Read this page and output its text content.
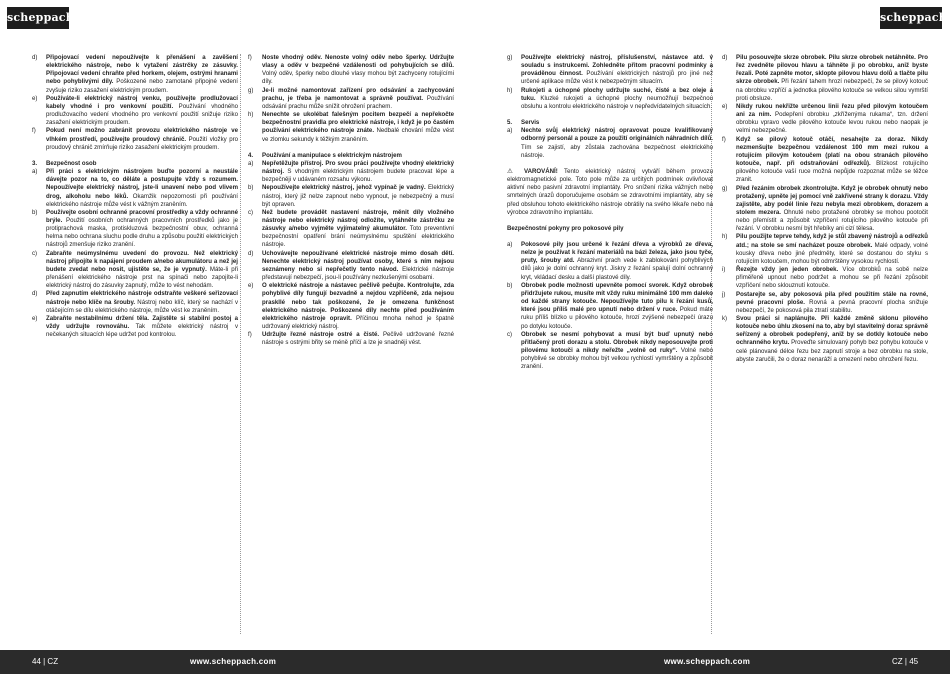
scheppach	scheppach
d)	Připojovací vedení nepoužívejte k přenášení a zavěšení elektrického nástroje, nebo k vytažení zástrčky ze zásuvky. Připojovací vedení chraňte před horkem, olejem, ostrými hranami nebo pohyblivými díly. Poškozené nebo zamotané připojné vedení zvyšuje riziko zasažení elektrickým proudem.
e)	Používáte-li elektrický nástroj venku, používejte prodlužovací kabely vhodné i pro venkovní použití. Používání vhodného prodlužovacího vedení vhodného pro venkovní použití snižuje riziko zasažení elektrickým proudem.
f)	Pokud není možno zabránit provozu elektrického nástroje ve vlhkém prostředí, používejte proudový chránič. Použití vložky pro proudový chránič zmírňuje riziko zasažení elektrickým proudem.
3.	Bezpečnost osob
a)	Při práci s elektrickým nástrojem buďte pozorní a neustále dávejte pozor na to, co děláte a postupujte vždy s rozumem. Nepoužívejte elektrický nástroj, jste-li unavení nebo pod vlivem drog, alkoholu nebo léků. Okamžik nepozornosti při používání elektrického nástroje může vést k vážným zraněním.
b)	Používejte osobní ochranné pracovní prostředky a vždy ochranné brýle. Použití osobních ochranných pracovních prostředků jako je protiprachová maska, protiskluzová bezpečnostní obuv, ochranná helma nebo ochrana sluchu podle druhu a způsobu použití elektrických nástrojů zmenšuje riziko zranění.
c)	Zabraňte neúmyslnému uvedení do provozu. Než elektrický nástroj připojíte k napájení proudem a/nebo akumulátoru a než jej budete zvedat nebo nosit, ujistěte se, že je vypnutý. Máte-li při přenášení elektrického nástroje prst na spínači nebo zapojíte-li elektrický nástroj do zásuvky zapnutý, může to vést nehodám.
d)	Před zapnutím elektrického nástroje odstraňte veškeré seřizovací nástroje nebo klíče na šrouby. Nástroj nebo klíč, který se nachází v otáčejícím se dílu elektrického nástroje, může vést ke zraněním.
e)	Zabraňte nestabilnímu držení těla. Zajistěte si stabilní postoj a vždy udržujte rovnováhu. Tak můžete elektrický nástroj v nečekaných situacích lépe udržet pod kontrolou.
f)	Noste vhodný oděv. Nenoste volný oděv nebo šperky. Udržujte vlasy a oděv v bezpečné vzdálenosti od pohybujících se dílů. Volný oděv, šperky nebo dlouhé vlasy mohou být zachyceny rotujícími díly.
g)	Je-li možné namontovat zařízení pro odsávání a zachycování prachu, je třeba je namontovat a správně používat. Používání odsávání prachu může snížit ohrožení prachem.
h)	Nenechte se ukolébat falešným pocitem bezpečí a nepřekočte bezpečnostní pravidla pro elektrické nástroje, i když je po častém používání elektrického nástroje znáte. Nedbalé chování může vést ve zlomku sekundy k těžkým zraněním.
4.	Používání a manipulace s elektrickým nástrojem
a)	Nepřetěžujte přístroj. Pro svou práci používejte vhodný elektrický nástroj. S vhodným elektrickým nástrojem budete pracovat lépe a bezpečněji v udávaném rozsahu výkonu.
b)	Nepoužívejte elektrický nástroj, jehož vypínač je vadný. Elektrický nástroj, který již nelze zapnout nebo vypnout, je nebezpečný a musí být opraven.
c)	Než budete provádět nastavení nástroje, měnit díly vložného nástroje nebo elektrický nástroj odložíte, vytáhněte zástrčku ze zásuvky a/nebo vyjměte vyjímatelný akumulátor. Toto preventivní bezpečnostní opatření brání neúmyslnému spuštění elektrického nástroje.
d)	Uchovávejte nepoužívané elektrické nástroje mimo dosah dětí. Nenechte elektrický nástroj používat osoby, které s ním nejsou seznámeny nebo si nepřečetly tento návod. Elektrické nástroje představují nebezpečí, jsou-li používány nezkušenými osobami.
e)	O elektrické nástroje a nástavec pečlivě pečujte. Kontrolujte, zda pohyblivé díly fungují bezvadně a nejdou vzpříčeně, zda nejsou praskllé nebo tak poškozené, že je omezena funkčnost elektrického nástroje. Poškozené díly nechte před používáním elektrického nástroje opravit. Příčinou mnoha nehod je špatně udržovaný elektrický nástroj.
f)	Udržujte řezné nástroje ostré a čisté. Pečlivě udržované řezné nástroje s ostrými břity se méně příčí a lze je snadněji vést.
g)	Používejte elektrický nástroj, příslušenství, nástavce atd. v souladu s instrukcemi. Zohledněte přitom pracovní podmínky a prováděnou činnost. Používání elektrických nástrojů pro jiné než určené aplikace může vést k nebezpečným situacím.
h)	Rukojeti a úchopné plochy udržujte suché, čisté a bez oleje a tuku. Kluzké rukojeti a úchopné plochy neumožňují bezpečnou obsluhu a kontrolu elektrického nástroje v nepředvídatelných situacích.
5.	Servis
a)	Nechte svůj elektrický nástroj opravovat pouze kvalifikovaný odborný personál a pouze za použití originálních náhradních dílů. Tím se zajistí, aby zůstala zachována bezpečnost elektrického nástroje.
⚠ VAROVÁNÍ! Tento elektrický nástroj vytváří během provozu elektromagnetické pole. Toto pole může za určitých podmínek ovlivňovat aktivní nebo pasivní zdravotní implantáty. Pro snížení rizika vážných nebo smrtelných úrazů doporučujeme osobám se zdravotními implantáty, aby se před obsluhou tohoto elektrického nástroje obrátily na svého lékaře nebo na výrobce zdravotního implantátu.
Bezpečnostní pokyny pro pokosové pily
a)	Pokosové pily jsou určené k řezání dřeva a výrobků ze dřeva, nelze je používat k řezání materiálů na bázi železa, jako jsou tyče, pruty, šrouby atd. Abrazivní prach vede k zablokování pohyblivých dílů jako je dolní ochranný kryt. Jiskry z řezání spalují dolní ochranný kryt, vkládací desku a další plastové díly.
b)	Obrobek podle možnosti upevněte pomocí svorek. Když obrobek přidržujete rukou, musíte mít vždy ruku minimálně 100 mm daleko od každé strany kotouče. Nepoužívejte tuto pilu k řezání kusů, které jsou příliš malé pro upnutí nebo držení v ruce. Pokud máte ruku příliš blízko u pilového kotouče, hrozí zvýšené nebezpečí úrazu po dotyku kotouče.
c)	Obrobek se nesmí pohybovat a musí být buď upnutý nebo přitlačený proti dorazu a stolu. Obrobek nikdy neposouvejte proti pilovému kotouči a nikdy neřežte „volně od ruky“. Volné nebo pohyblivé se obrobky mohou být velkou rychlostí vymrštěny a způsobit zranění.
d)	Pilu posouvejte skrze obrobek. Pilu skrze obrobek netáhněte. Pro řez zvedněte pilovou hlavu a táhněte ji po obrobku, aniž byste řezali. Poté zapněte motor, sklopte pilovou hlavu dolů a tlačte pilu skrze obrobek. Při řezání tahem hrozí nebezpečí, že se pilový kotouč na obrobku vzpříčí a jednotka pilového kotouče se velkou silou vymrští proti obsluze.
e)	Nikdy rukou nekřižte určenou linii řezu před pilovým kotoučem ani za ním. Podepření obrobku „zkříženýma rukama“, tzn. držení obrobku vpravo vedle pilového kotouče levou rukou nebo naopak je velmi nebezpečné.
f)	Když se pilový kotouč otáčí, nesahejte za doraz. Nikdy nezmenšujte bezpečnou vzdálenost 100 mm mezi rukou a rotujícím pilovým kotoučem (platí na obou stranách pilového kotouče, např. při odstraňování odřezků). Blízkost rotujícího pilového kotouče vaší ruce možná nepůjde rozpoznat může se těžce zranit.
g)	Před řezáním obrobek zkontrolujte. Když je obrobek ohnutý nebo protažený, upněte jej pomocí vně zakřivené strany k dorazu. Vždy zajistěte, aby podél linie řezu nebyla mezi obrobkem, dorazem a stolem mezera. Ohnuté nebo protažené obrobky se mohou pootočit nebo přemístit a způsobit vzpříčení rotujícího pilového kotouče při řezání. V obrobku nesmí být hřebíky ani cizí tělesa.
h)	Pilu použijte teprve tehdy, když je stůl zbavený nástrojů a odřezků atd.; na stole se smí nacházet pouze obrobek. Malé odpady, volné kousky dřeva nebo jiné předměty, které se dostanou do styku s rotujícím kotoučem, mohou být odmrštěny vysokou rychlostí.
i)	Řezejte vždy jen jeden obrobek. Více obrobků na sobě nelze přiměřeně upnout nebo podržet a mohou se při řezání způsobit vzpříčení nebo sklouznutí kotouče.
j)	Postarejte se, aby pokosová pila před použitím stále na rovné, pevné pracovní ploše. Rovná a pevná pracovní plocha snižuje nebezpečí, že pokosová pila ztratí stabilitu.
k)	Svou práci si naplánujte. Při každé změně sklonu pilového kotouče nebo úhlu zkosení na to, aby byl stavitelný doraz správně seřízený a obrobek podepřený, aniž by se dotkly kotouče nebo ochranného krytu. Proveďte simulovaný pohyb bez pohybu kotouče v celé plánované délce řezu bez zapnutí stroje a bez obrobku na stole, abyste zaručili, že o doraz nenaráží a omezení nebo ohrožení řezu.
44 | CZ	www.scheppach.com	www.scheppach.com	CZ | 45
